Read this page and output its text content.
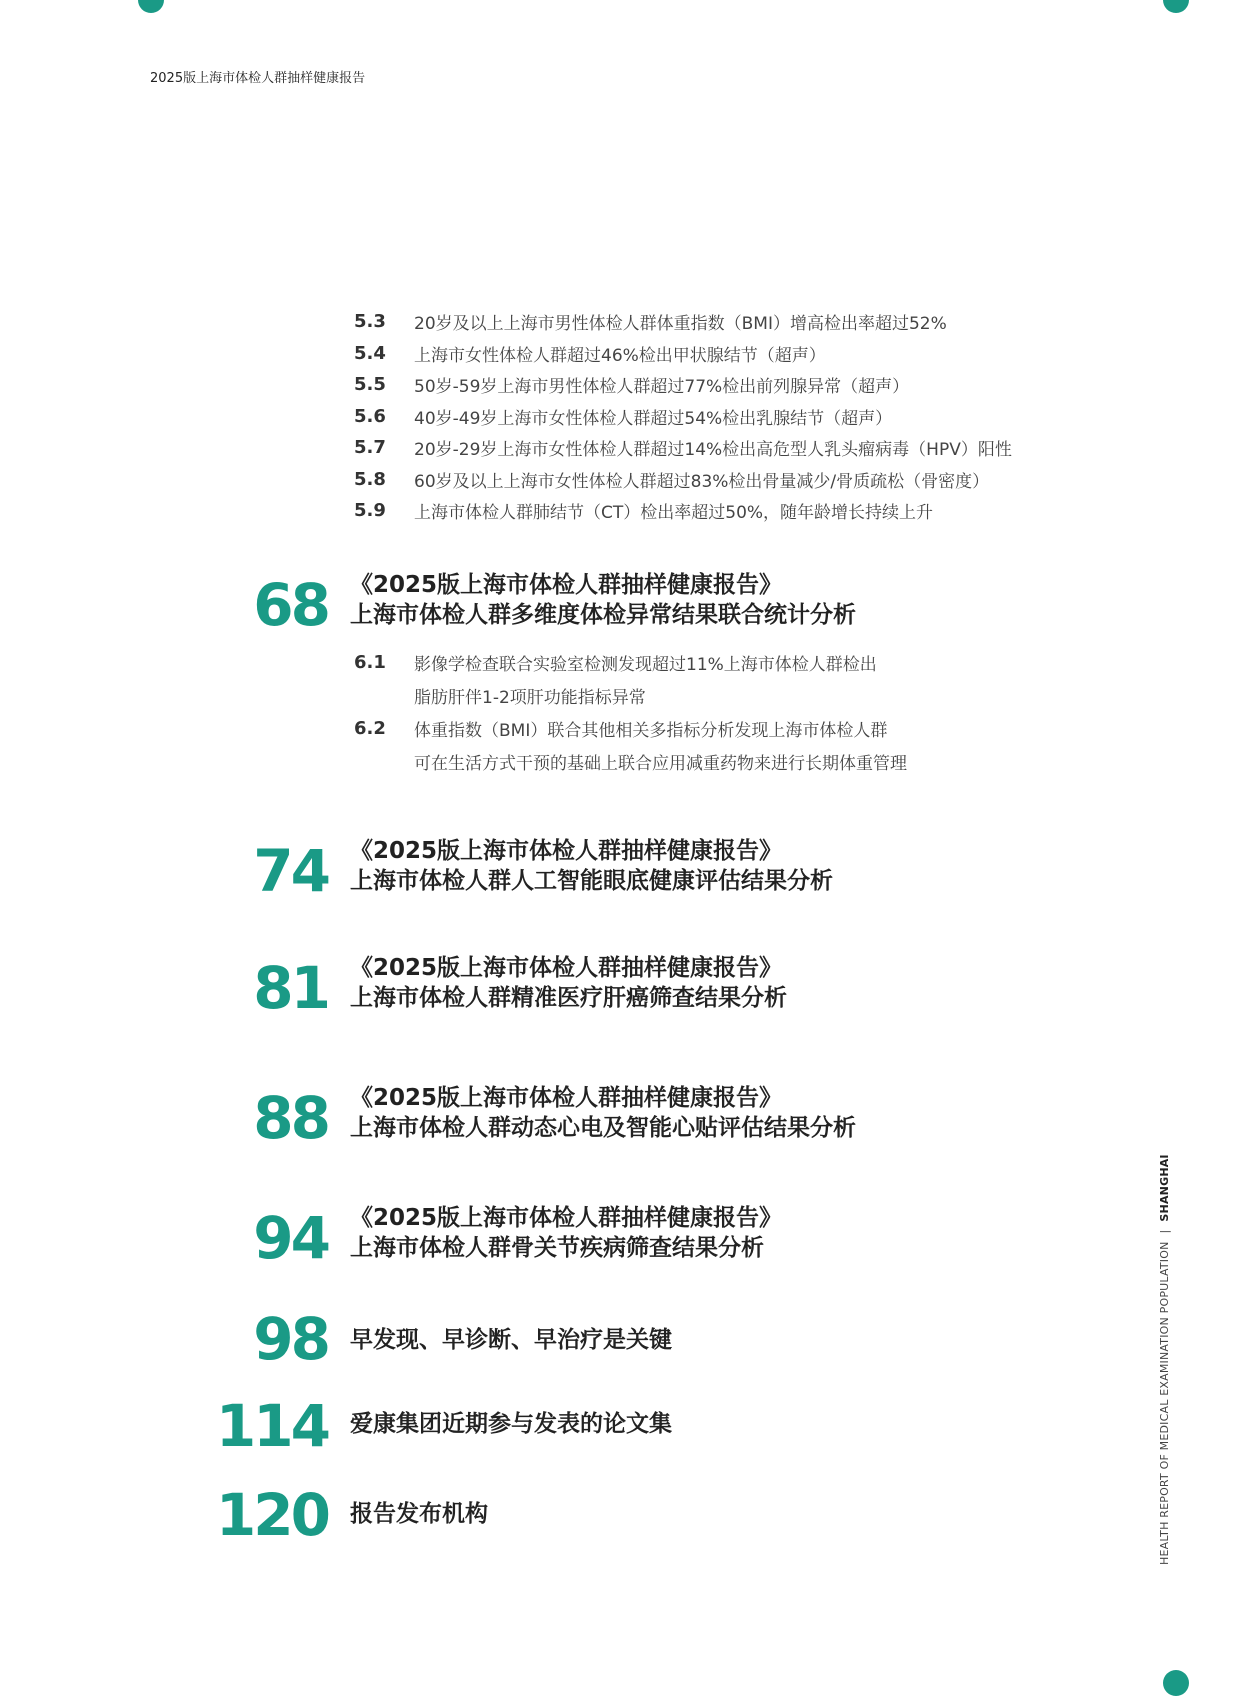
2025版上海市体检人群抽样健康报告
5.3	20岁及以上上海市男性体检人群体重指数（BMI）增高检出率超过52%
5.4	上海市女性体检人群超过46%检出甲状腺结节（超声）
5.5	50岁-59岁上海市男性体检人群超过77%检出前列腺异常（超声）
5.6	40岁-49岁上海市女性体检人群超过54%检出乳腺结节（超声）
5.7	20岁-29岁上海市女性体检人群超过14%检出高危型人乳头瘤病毒（HPV）阳性
5.8	60岁及以上上海市女性体检人群超过83%检出骨量减少/骨质疏松（骨密度）
5.9	上海市体检人群肺结节（CT）检出率超过50%，随年龄增长持续上升
68 《2025版上海市体检人群抽样健康报告》
上海市体检人群多维度体检异常结果联合统计分析
6.1	影像学检查联合实验室检测发现超过11%上海市体检人群检出
脂肪肝伴1-2项肝功能指标异常
6.2	体重指数（BMI）联合其他相关多指标分析发现上海市体检人群
可在生活方式干预的基础上联合应用减重药物来进行长期体重管理
74 《2025版上海市体检人群抽样健康报告》
上海市体检人群人工智能眼底健康评估结果分析
81 《2025版上海市体检人群抽样健康报告》
上海市体检人群精准医疗肝癌筛查结果分析
88 《2025版上海市体检人群抽样健康报告》
上海市体检人群动态心电及智能心贴评估结果分析
94 《2025版上海市体检人群抽样健康报告》
上海市体检人群骨关节疾病筛查结果分析
98 早发现、早诊断、早治疗是关键
114 爱康集团近期参与发表的论文集
120 报告发布机构	HEALTH REPORT OF MEDICAL EXAMINATION POPULATION|SHANGHAI
